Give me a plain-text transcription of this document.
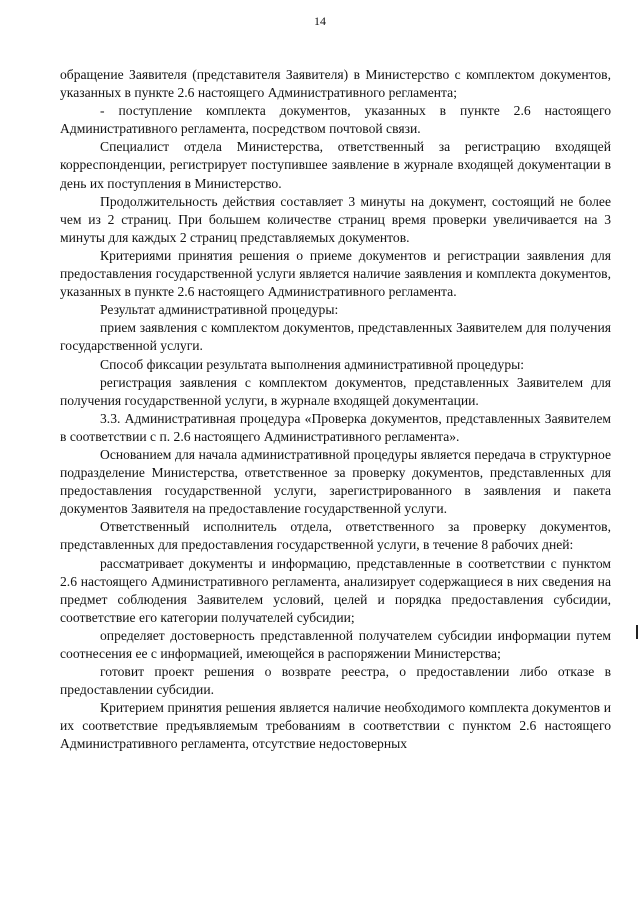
14

обращение Заявителя (представителя Заявителя) в Министерство с комплектом документов, указанных в пункте 2.6 настоящего Административного регламента;

- поступление комплекта документов, указанных в пункте 2.6 настоящего Административного регламента, посредством почтовой связи.

Специалист отдела Министерства, ответственный за регистрацию входящей корреспонденции, регистрирует поступившее заявление в журнале входящей документации в день их поступления в Министерство.

Продолжительность действия составляет 3 минуты на документ, состоящий не более чем из 2 страниц. При большем количестве страниц время проверки увеличивается на 3 минуты для каждых 2 страниц представляемых документов.

Критериями принятия решения о приеме документов и регистрации заявления для предоставления государственной услуги является наличие заявления и комплекта документов, указанных в пункте 2.6 настоящего Административного регламента.

Результат административной процедуры:

прием заявления с комплектом документов, представленных Заявителем для получения государственной услуги.

Способ фиксации результата выполнения административной процедуры:

регистрация заявления с комплектом документов, представленных Заявителем для получения государственной услуги, в журнале входящей документации.

3.3. Административная процедура «Проверка документов, представленных Заявителем в соответствии с п. 2.6 настоящего Административного регламента».

Основанием для начала административной процедуры является передача в структурное подразделение Министерства, ответственное за проверку документов, представленных для предоставления государственной услуги, зарегистрированного в заявления и пакета документов Заявителя на предоставление государственной услуги.

Ответственный исполнитель отдела, ответственного за проверку документов, представленных для предоставления государственной услуги, в течение 8 рабочих дней:

рассматривает документы и информацию, представленные в соответствии с пунктом 2.6 настоящего Административного регламента, анализирует содержащиеся в них сведения на предмет соблюдения Заявителем условий, целей и порядка предоставления субсидии, соответствие его категории получателей субсидии;

определяет достоверность представленной получателем субсидии информации путем соотнесения ее с информацией, имеющейся в распоряжении Министерства;

готовит проект решения о возврате реестра, о предоставлении либо отказе в предоставлении субсидии.

Критерием принятия решения является наличие необходимого комплекта документов и их соответствие предъявляемым требованиям в соответствии с пунктом 2.6 настоящего Административного регламента, отсутствие недостоверных
